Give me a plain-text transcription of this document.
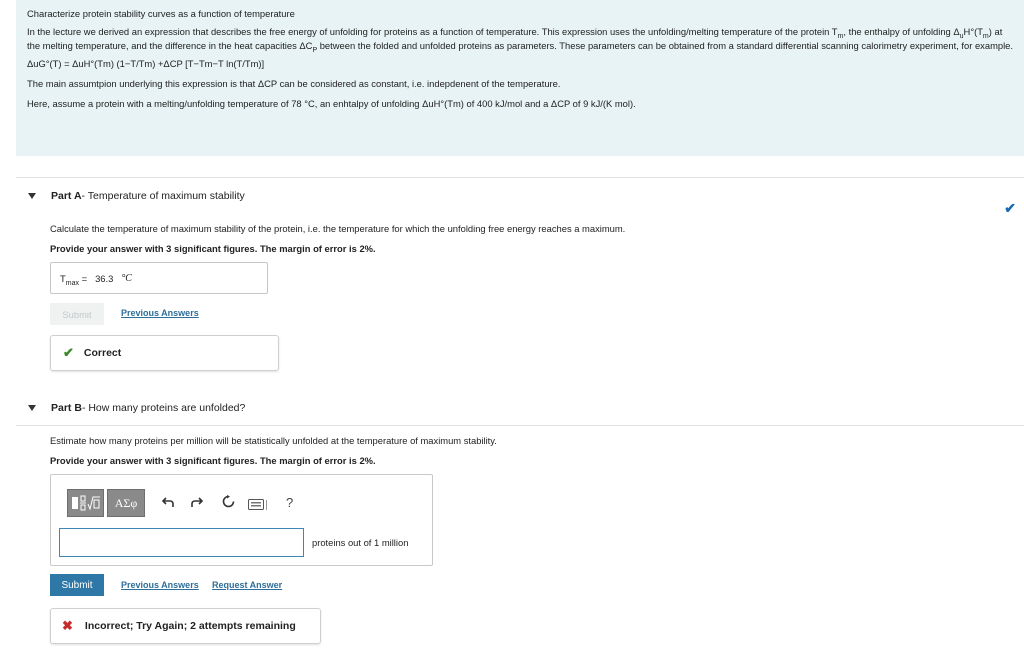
Characterize protein stability curves as a function of temperature

In the lecture we derived an expression that describes the free energy of unfolding for proteins as a function of temperature. This expression uses the unfolding/melting temperature of the protein $T_m$, the enthalpy of unfolding $\Delta_uH^\circ(T_m)$ at the melting temperature, and the difference in the heat capacities $\Delta C_P$ between the folded and unfolded proteins as parameters. These parameters can be obtained from a standard differential scanning calorimetry experiment, for example.

ΔuG°(T) = ΔuH°(Tm) (1−T/Tm) +ΔCP [T−Tm−T ln(T/Tm)]

The main assumtpion underlying this expression is that ΔCP can be considered as constant, i.e. indepdenent of the temperature.

Here, assume a protein with a melting/unfolding temperature of 78 °C, an enhtalpy of unfolding ΔuH°(Tm) of 400 kJ/mol and a ΔCP of 9 kJ/(K mol).

Part A - Temperature of maximum stability
✔
Calculate the temperature of maximum stability of the protein, i.e. the temperature for which the unfolding free energy reaches a maximum.
Provide your answer with 3 significant figures. The margin of error is 2%.
$T_{max} = 36.3$ °C
Submit	Previous Answers
✔ Correct
Part B - How many proteins are unfolded?
Estimate how many proteins per million will be statistically unfolded at the temperature of maximum stability.
Provide your answer with 3 significant figures. The margin of error is 2%.
ΑΣφ	?
proteins out of 1 million
Submit	Previous Answers Request Answer
✖ Incorrect; Try Again; 2 attempts remaining
